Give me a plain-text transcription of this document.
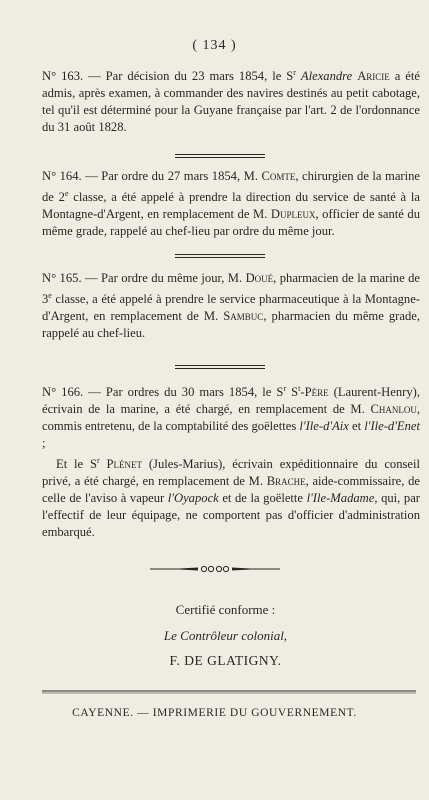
( 134 )

N° 163. — Par décision du 23 mars 1854, le $S^r$ Alexandre Aricie a été admis, après examen, à commander des navires destinés au petit cabotage, tel qu'il est déterminé pour la Guyane française par l'art. 2 de l'ordonnance du 31 août 1828.

N° 164. — Par ordre du 27 mars 1854, M. Comte, chirurgien de la marine de 2e classe, a été appelé à prendre la direction du service de santé à la Montagne-d'Argent, en remplacement de M. Dupleux, officier de santé du même grade, rappelé au chef-lieu par ordre du même jour.

N° 165. — Par ordre du même jour, M. Doué, pharmacien de la marine de 3e classe, a été appelé à prendre le service pharmaceutique à la Montagne-d'Argent, en remplacement de M. Sambuc, pharmacien du même grade, rappelé au chef-lieu.

N° 166. — Par ordres du 30 mars 1854, le $S^r$ $S^t$-Père (Laurent-Henry), écrivain de la marine, a été chargé, en remplacement de M. Chanlou, commis entretenu, de la comptabilité des goëlettes l'Ile-d'Aix et l'Ile-d'Enet ;

Et le $S^r$ Plénet (Jules-Marius), écrivain expéditionnaire du conseil privé, a été chargé, en remplacement de M. Brache, aide-commissaire, de celle de l'aviso à vapeur l'Oyapock et de la goëlette l'Ile-Madame, qui, par l'effectif de leur équipage, ne comportent pas d'officier d'administration embarqué.

Certifié conforme :
Le Contrôleur colonial,
F. DE GLATIGNY.
CAYENNE. — IMPRIMERIE DU GOUVERNEMENT.
